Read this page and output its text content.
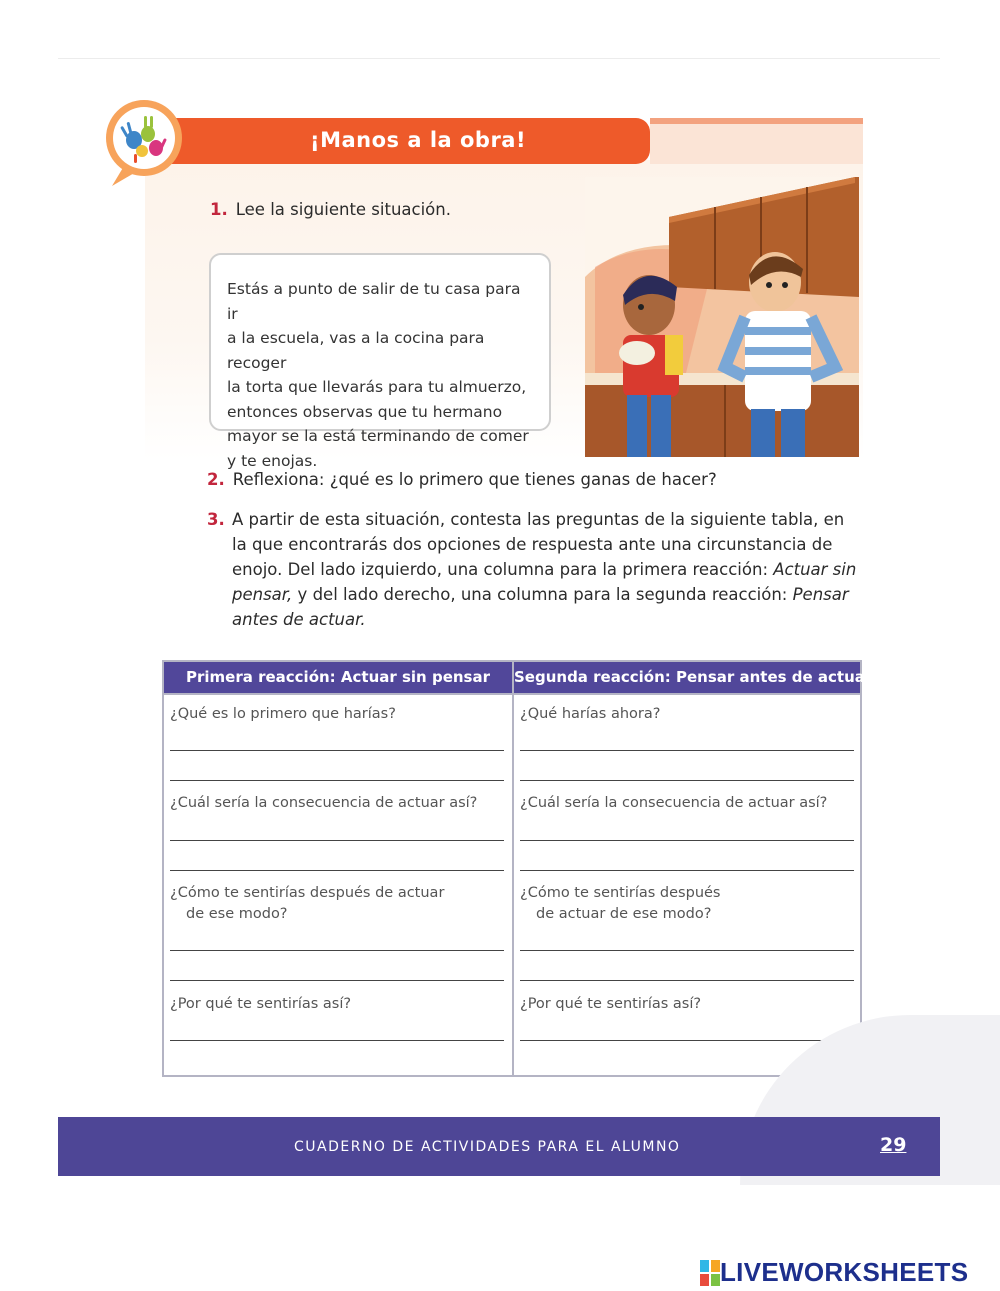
¡Manos a la obra!
1. Lee la siguiente situación.
Estás a punto de salir de tu casa para ir
a la escuela, vas a la cocina para recoger
la torta que llevarás para tu almuerzo,
entonces observas que tu hermano
mayor se la está terminando de comer
y te enojas.
2. Reflexiona: ¿qué es lo primero que tienes ganas de hacer?
3. A partir de esta situación, contesta las preguntas de la siguiente tabla, en la que encontrarás dos opciones de respuesta ante una circunstancia de enojo. Del lado izquierdo, una columna para la primera reacción: Actuar sin pensar, y del lado derecho, una columna para la segunda reacción: Pensar antes de actuar.
Primera reacción: Actuar sin pensar	Segunda reacción: Pensar antes de actuar
¿Qué es lo primero que harías?
¿Cuál sería la consecuencia de actuar así?
¿Cómo te sentirías después de actuar
de ese modo?
¿Por qué te sentirías así?
¿Qué harías ahora?
¿Cuál sería la consecuencia de actuar así?
¿Cómo te sentirías después
de actuar de ese modo?
¿Por qué te sentirías así?
CUADERNO DE ACTIVIDADES PARA EL ALUMNO	29
LIVEWORKSHEETS
